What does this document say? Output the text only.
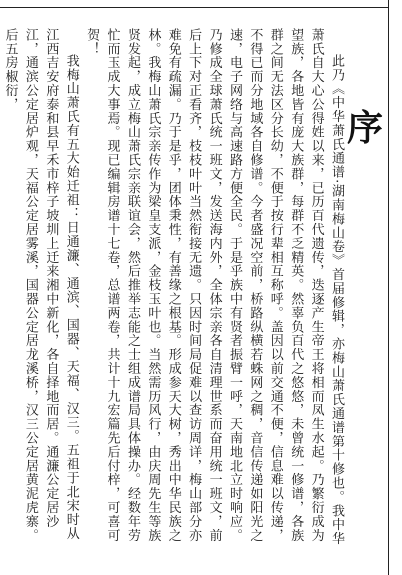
序

此乃《中华萧氏通谱·湖南梅山卷》首届修辑，亦梅山萧氏通谱第十修也。我中华萧氏自大心公得姓以来，已历百代遗传，迭逐产生帝王将相而凤生水起。乃繁衍成为望族，各地皆有庞大族群，每群不乏精英。然辜负百代之悠悠，未曾统一修谱，各族群之间无法区分长幼，不便于按行辈相互称呼。盖因以前交通不便，信息难以传递，不得已而分地域各自修谱。今者盛况空前，桥路纵横若蛛网之稠，音信传递如阳光之速，电子网络与高速路方便全民。于是乎族中有贤者振臂一呼，天南地北立时响应。乃修成全球萧氏统一班文，发送海内外，全体宗亲各自清理世系而奋用统一班文，前后上下对正看齐，枝枝叶叶当然衔接无遗。只因时间局促难以查访周详，梅山部分亦难免有疏漏。乃于是乎，团体秉性，有善缘之根基。形成参天大树，秀出中华民族之林。我梅山萧氏宗亲传作为梁皇支派，金枝玉叶也。当然需历风行，由庆周先生等族贤发起，成立梅山萧氏宗亲联谊会，然后推举志能之士组成谱局具体操办。经数年劳忙而玉成大事焉。现已编辑房谱十七卷，总谱两卷，共计十九宏篇先后付梓，可喜可贺！

我梅山萧氏有五大始迁祖：日通濂、通滨、国器、天福、汉三。五祖于北宋时从江西吉安府泰和县早禾市梓子坡圳上迁来湘中新化，各自择地而居。通濂公定居沙江，通滨公定居炉观，天福公定居雾溪，国器公定居龙溪桥，汉三公定居黄泥虎寨。后五房椒衍，
